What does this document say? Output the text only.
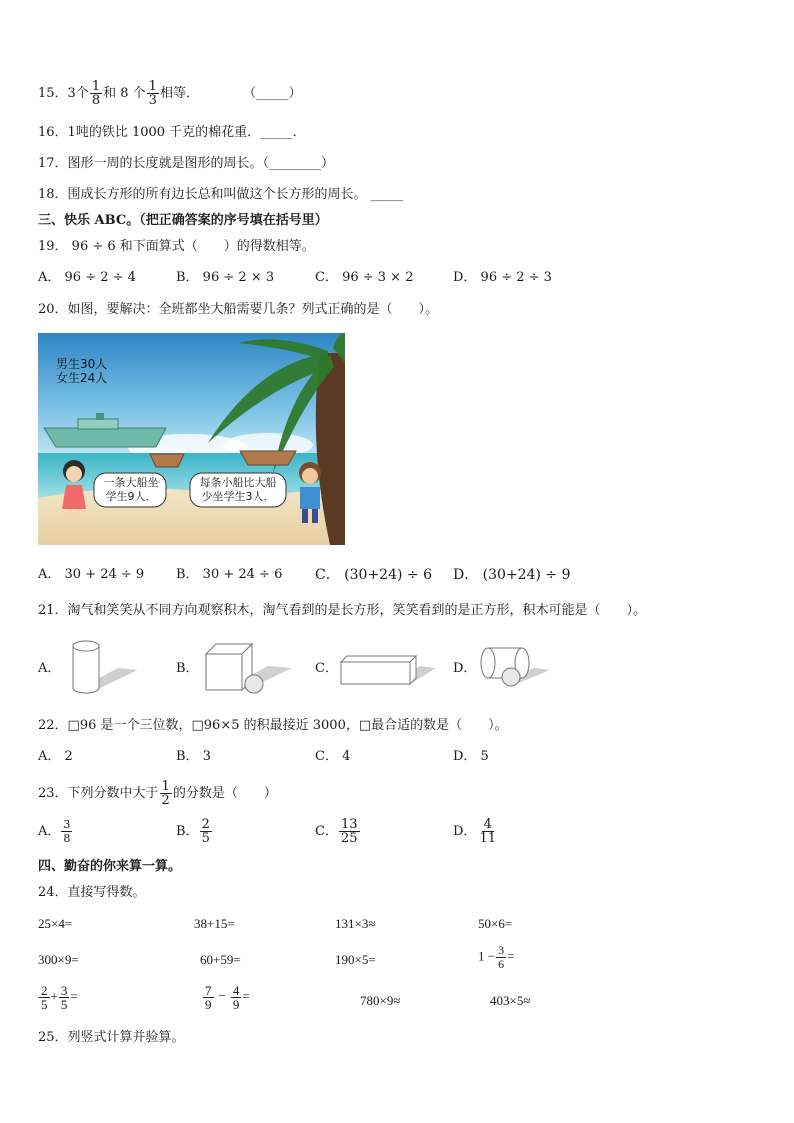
15．3个 $\frac{1}{8}$ 和 8 个 $\frac{1}{3}$ 相等．	（_____）
16．1吨的铁比 1000 千克的棉花重．_____．
17．图形一周的长度就是图形的周长。（________）
18．围成长方形的所有边长总和叫做这个长方形的周长。 _____
三、快乐 ABC。（把正确答案的序号填在括号里）
19． 96 ÷ 6 和下面算式（　　）的得数相等。
A． 96 ÷ 2 ÷ 4	B． 96 ÷ 2 × 3	C． 96 ÷ 3 × 2	D． 96 ÷ 2 ÷ 3
20．如图，要解决：全班都坐大船需要几条？列式正确的是（　　）。
男生30人
女生24人
一条大船坐
学生9人．
每条小船比大船
少坐学生3人．
A． 30 + 24 ÷ 9 B． 30 + 24 ÷ 6 C． (30+24) ÷ 6 D． (30+24) ÷ 9
21．淘气和笑笑从不同方向观察积木，淘气看到的是长方形，笑笑看到的是正方形，积木可能是（　　）。
A．	B．	C．	D．
22．□96 是一个三位数，□96×5 的积最接近 3000，□最合适的数是（　　）。
A． 2	B． 3	C． 4	D． 5
23．下列分数中大于 $\frac{1}{2}$ 的分数是（　　）
A． $\frac{3}{8}$	B． $\frac{2}{5}$	C． $\frac{13}{25}$	D． $\frac{4}{11}$
四、勤奋的你来算一算。
24．直接写得数。
25×4=	38+15=	131×3≈	50×6=
300×9=	60+59=	190×5=	$1 - \frac{3}{6}$ =
$\frac{2}{5} + \frac{3}{5}$ =	$\frac{7}{9} - \frac{4}{9}$ =	780×9≈	403×5≈
25．列竖式计算并验算。
